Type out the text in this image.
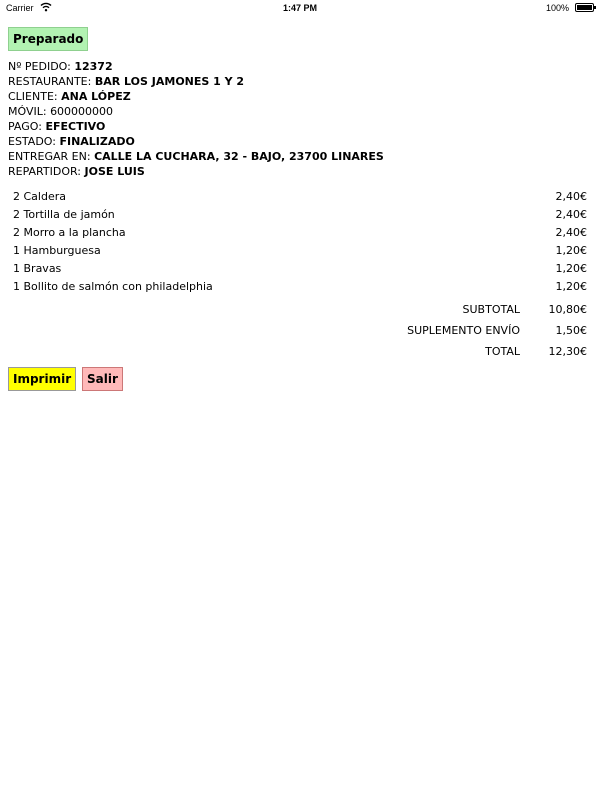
Carrier	1:47 PM	100%
Preparado
Nº PEDIDO: 12372
RESTAURANTE: BAR LOS JAMONES 1 Y 2
CLIENTE: ANA LÓPEZ
MÓVIL: 600000000
PAGO: EFECTIVO
ESTADO: FINALIZADO
ENTREGAR EN: CALLE LA CUCHARA, 32 - BAJO, 23700 LINARES
REPARTIDOR: JOSE LUIS
2 Caldera	2,40€
2 Tortilla de jamón	2,40€
2 Morro a la plancha	2,40€
1 Hamburguesa	1,20€
1 Bravas	1,20€
1 Bollito de salmón con philadelphia	1,20€
SUBTOTAL	10,80€
SUPLEMENTO ENVÍO	1,50€
TOTAL	12,30€
Imprimir	Salir
